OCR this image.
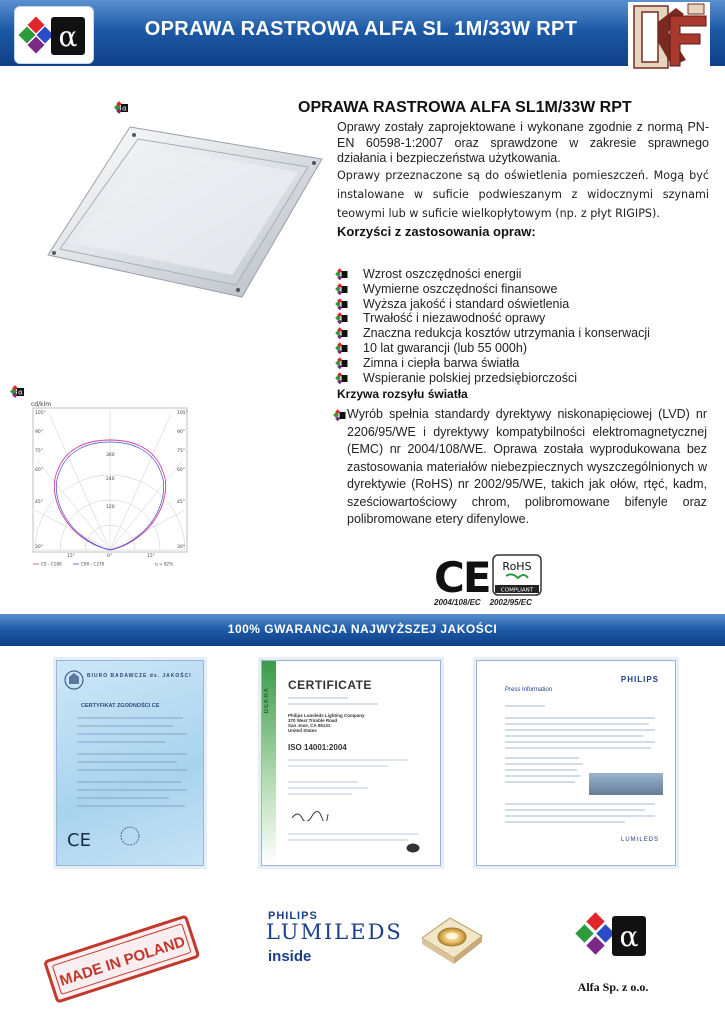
α	OPRAWA RASTROWA ALFA SL 1M/33W RPT
α	OPRAWA RASTROWA ALFA SL1M/33W RPT
Oprawy zostały zaprojektowane i wykonane zgodnie z normą PN-EN 60598-1:2007 oraz sprawdzone w zakresie sprawnego działania i bezpieczeństwa użytkowania.
Oprawy przeznaczone są do oświetlenia pomieszczeń. Mogą być instalowane w suficie podwieszanym z widocznymi szynami teowymi lub w suficie wielkopłytowym (np. z płyt RIGIPS).
Korzyści z zastosowania opraw:
Wzrost oszczędności energii
Wymierne oszczędności finansowe
Wyższa jakość i standard oświetlenia
Trwałość i niezawodność oprawy
Znaczna redukcja kosztów utrzymania i konserwacji
10 lat gwarancji (lub 55 000h)
Zimna i ciepła barwa światła
Wspieranie polskiej przedsiębiorczości
Krzywa rozsyłu światła
Wyrób spełnia standardy dyrektywy niskonapięciowej (LVD) nr 2206/95/WE i dyrektywy kompatybilności elektromagnetycznej (EMC) nr 2004/108/WE. Oprawa została wyprodukowana bez zastosowania materiałów niebezpiecznych wyszczególnionych w dyrektywie (RoHS) nr 2002/95/WE, takich jak ołów, rtęć, kadm, sześciowartościowy chrom, polibromowane bifenyle oraz polibromowane etery difenylowe.
α
cd/klm
105°
90°
75°
60°
45°
30°
105°
90°
75°
60°
45°
30°
15°	0°	15°
240
120
360
C0 - C180	C90 - C270	η = 92%	CE RoHS
COMPLIANT
2004/108/EC    2002/95/EC
100% GWARANCJA NAJWYŻSZEJ JAKOŚCI
BIURO BADAWCZE ds. JAKOŚCI
CERTYFIKAT ZGODNOŚCI CE
CE
DEKRA
CERTIFICATE
Philips Lumileds Lighting Company
370 West Trimble Road
San Jose, CA 95131
United States
ISO 14001:2004
PHILIPS
Press Information
LUMILEDS
MADE IN POLAND
PHILIPS
LUMILEDS
inside
α
Alfa Sp. z o.o.
